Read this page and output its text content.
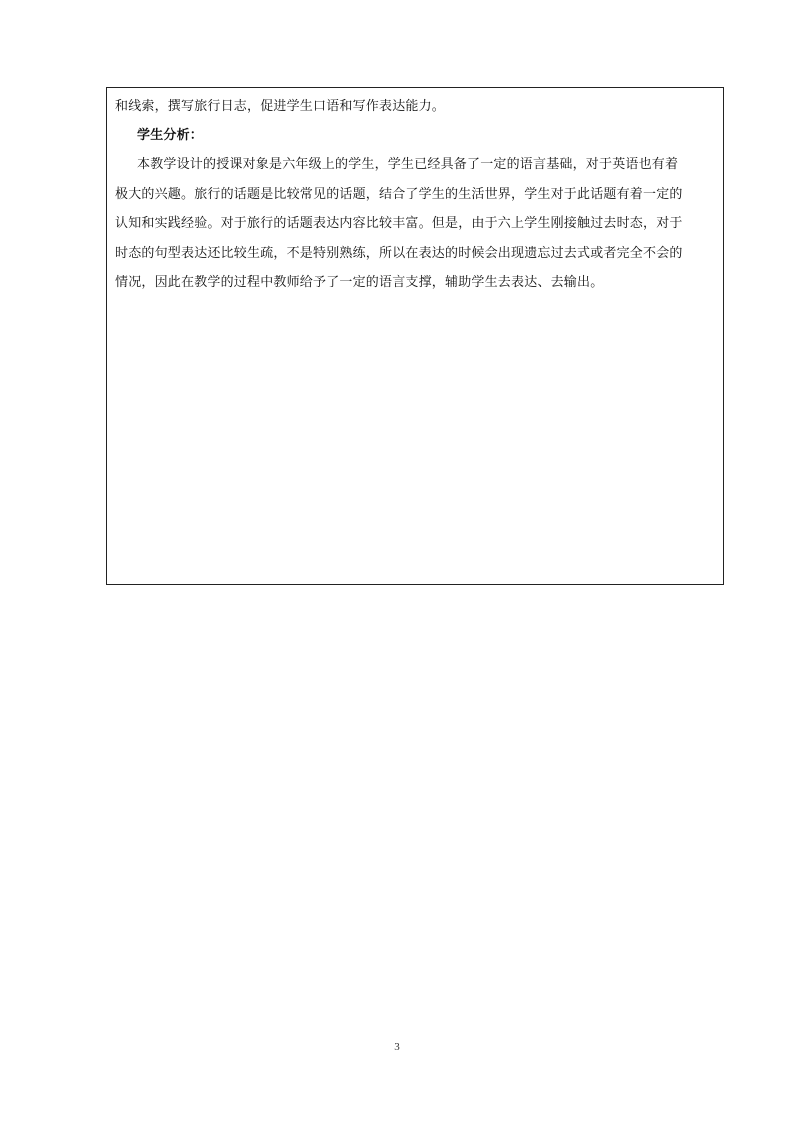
和线索，撰写旅行日志，促进学生口语和写作表达能力。
学生分析：
本教学设计的授课对象是六年级上的学生，学生已经具备了一定的语言基础，对于英语也有着
极大的兴趣。旅行的话题是比较常见的话题，结合了学生的生活世界，学生对于此话题有着一定的
认知和实践经验。对于旅行的话题表达内容比较丰富。但是，由于六上学生刚接触过去时态，对于
时态的句型表达还比较生疏，不是特别熟练，所以在表达的时候会出现遗忘过去式或者完全不会的
情况，因此在教学的过程中教师给予了一定的语言支撑，辅助学生去表达、去输出。
3
